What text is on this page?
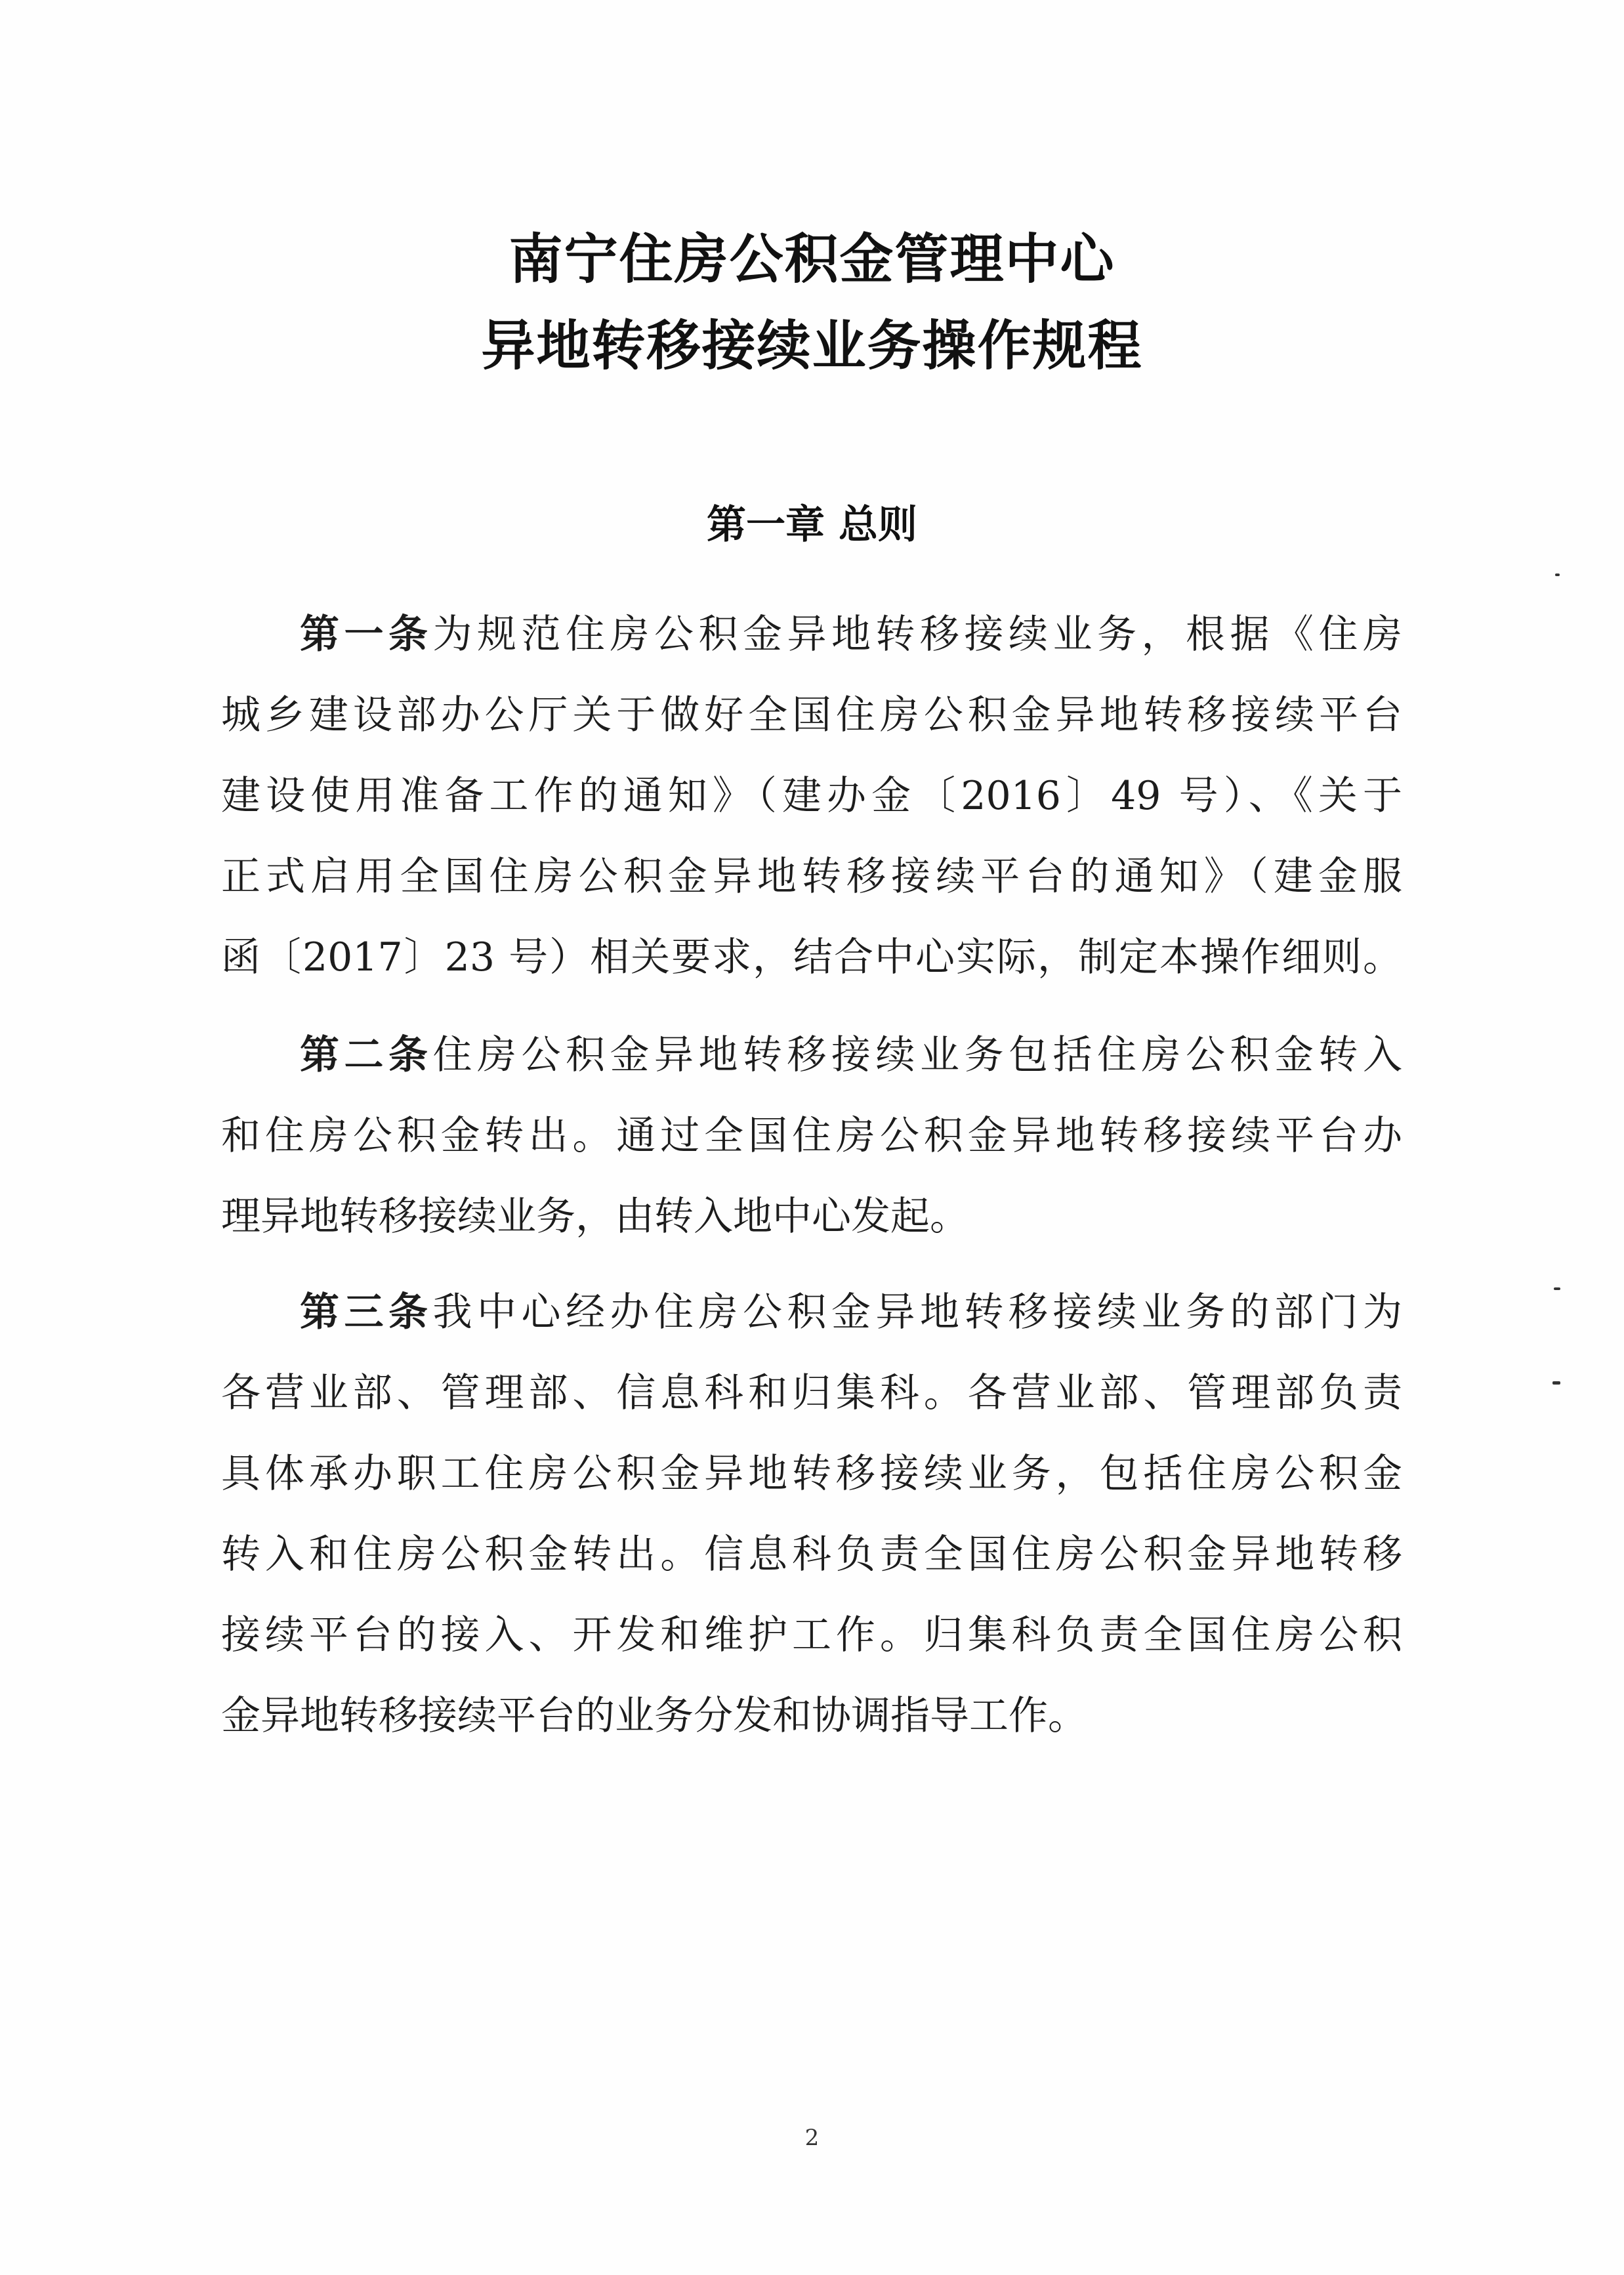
南宁住房公积金管理中心
异地转移接续业务操作规程
第一章 总则
第一条为规范住房公积金异地转移接续业务，根据《住房
城乡建设部办公厅关于做好全国住房公积金异地转移接续平台
建设使用准备工作的通知》（建办金〔2016〕49 号）、《关于
正式启用全国住房公积金异地转移接续平台的通知》（建金服
函〔2017〕23 号）相关要求，结合中心实际，制定本操作细则。
第二条住房公积金异地转移接续业务包括住房公积金转入
和住房公积金转出。通过全国住房公积金异地转移接续平台办
理异地转移接续业务，由转入地中心发起。
第三条我中心经办住房公积金异地转移接续业务的部门为
各营业部、管理部、信息科和归集科。各营业部、管理部负责
具体承办职工住房公积金异地转移接续业务，包括住房公积金
转入和住房公积金转出。信息科负责全国住房公积金异地转移
接续平台的接入、开发和维护工作。归集科负责全国住房公积
金异地转移接续平台的业务分发和协调指导工作。
2
